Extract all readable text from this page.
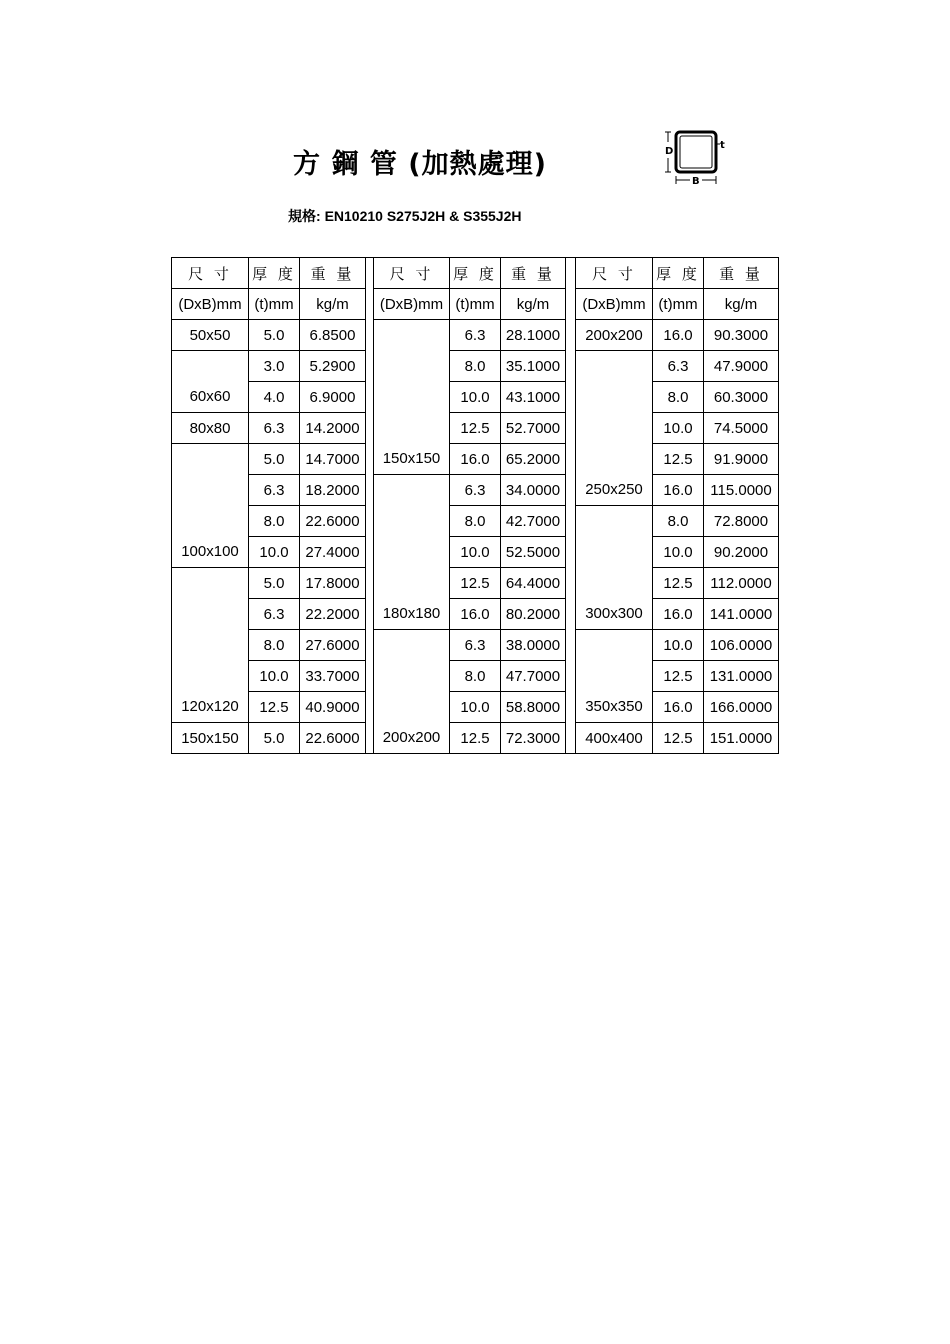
方 鋼 管 (加熱處理)	D
t
B
規格: EN10210 S275J2H & S355J2H
尺 寸	厚 度	重 量		尺 寸	厚 度	重 量		尺 寸	厚 度	重 量
(DxB)mm	(t)mm	kg/m		(DxB)mm	(t)mm	kg/m		(DxB)mm	(t)mm	kg/m
50x50	5.0	6.8500		150x150	6.3	28.1000		200x200	16.0	90.3000
60x60	3.0	5.2900			8.0	35.1000		250x250	6.3	47.9000
	4.0	6.9000			10.0	43.1000			8.0	60.3000
80x80	6.3	14.2000			12.5	52.7000			10.0	74.5000
100x100	5.0	14.7000			16.0	65.2000			12.5	91.9000
	6.3	18.2000		180x180	6.3	34.0000			16.0	115.0000
	8.0	22.6000			8.0	42.7000		300x300	8.0	72.8000
	10.0	27.4000			10.0	52.5000			10.0	90.2000
120x120	5.0	17.8000			12.5	64.4000			12.5	112.0000
	6.3	22.2000			16.0	80.2000			16.0	141.0000
	8.0	27.6000		200x200	6.3	38.0000		350x350	10.0	106.0000
	10.0	33.7000			8.0	47.7000			12.5	131.0000
	12.5	40.9000			10.0	58.8000			16.0	166.0000
150x150	5.0	22.6000			12.5	72.3000		400x400	12.5	151.0000
